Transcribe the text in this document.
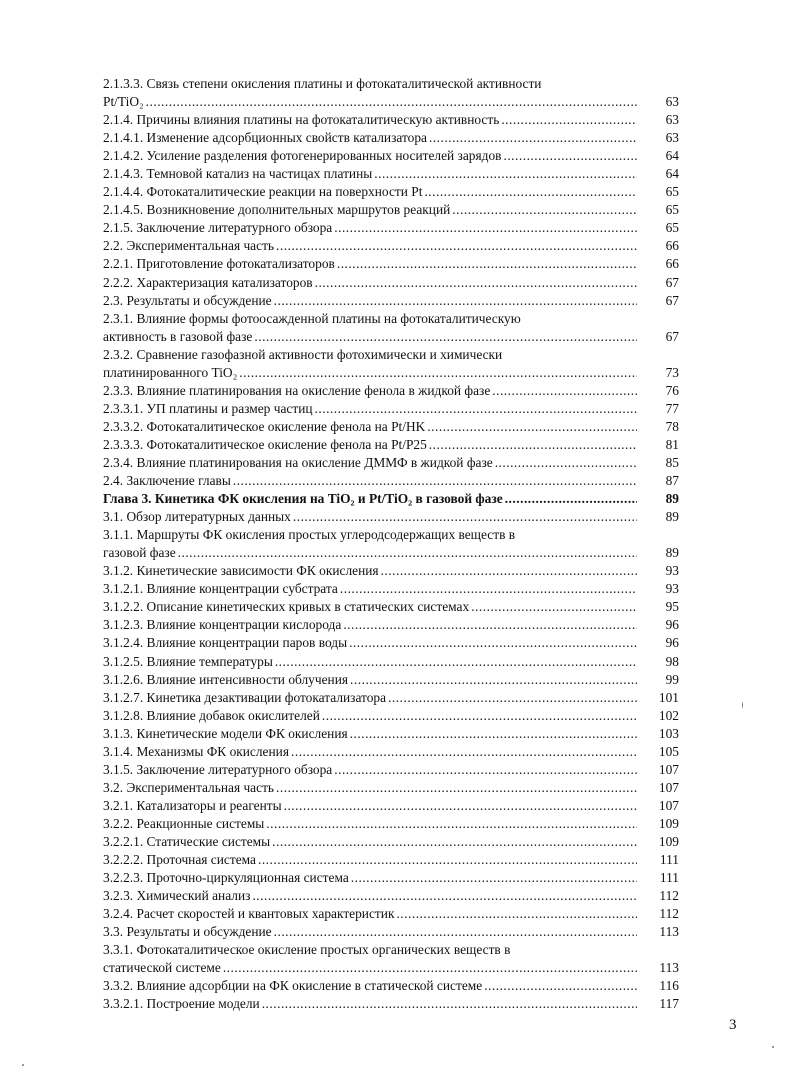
2.1.3.3. Связь степени окисления платины и фотокаталитической активности
Pt/TiO₂ .....	63
2.1.4. Причины влияния платины на фотокаталитическую активность .....	63
2.1.4.1. Изменение адсорбционных свойств катализатора .....	63
2.1.4.2. Усиление разделения фотогенерированных носителей зарядов .....	64
2.1.4.3. Темновой катализ на частицах платины .....	64
2.1.4.4. Фотокаталитические реакции на поверхности Pt .....	65
2.1.4.5. Возникновение дополнительных маршрутов реакций .....	65
2.1.5. Заключение литературного обзора .....	65
2.2. Экспериментальная часть .....	66
2.2.1. Приготовление фотокатализаторов .....	66
2.2.2. Характеризация катализаторов .....	67
2.3. Результаты и обсуждение .....	67
2.3.1. Влияние формы фотоосажденной платины на фотокаталитическую
активность в газовой фазе .....	67
2.3.2. Сравнение газофазной активности фотохимически и химически
платинированного TiO₂ .....	73
2.3.3. Влияние платинирования на окисление фенола в жидкой фазе .....	76
2.3.3.1. УП платины и размер частиц .....	77
2.3.3.2. Фотокаталитическое окисление фенола на Pt/HK .....	78
2.3.3.3. Фотокаталитическое окисление фенола на Pt/P25 .....	81
2.3.4. Влияние платинирования на окисление ДММФ в жидкой фазе .....	85
2.4. Заключение главы .....	87
Глава 3. Кинетика ФК окисления на TiO₂ и Pt/TiO₂ в газовой фазе .....	89
3.1. Обзор литературных данных .....	89
3.1.1. Маршруты ФК окисления простых углеродсодержащих веществ в
газовой фазе .....	89
3.1.2. Кинетические зависимости ФК окисления .....	93
3.1.2.1. Влияние концентрации субстрата .....	93
3.1.2.2. Описание кинетических кривых в статических системах .....	95
3.1.2.3. Влияние концентрации кислорода .....	96
3.1.2.4. Влияние концентрации паров воды .....	96
3.1.2.5. Влияние температуры .....	98
3.1.2.6. Влияние интенсивности облучения .....	99
3.1.2.7. Кинетика дезактивации фотокатализатора .....	101
3.1.2.8. Влияние добавок окислителей .....	102
3.1.3. Кинетические модели ФК окисления .....	103
3.1.4. Механизмы ФК окисления .....	105
3.1.5. Заключение литературного обзора .....	107
3.2. Экспериментальная часть .....	107
3.2.1. Катализаторы и реагенты .....	107
3.2.2. Реакционные системы .....	109
3.2.2.1. Статические системы .....	109
3.2.2.2. Проточная система .....	111
3.2.2.3. Проточно-циркуляционная система .....	111
3.2.3. Химический анализ .....	112
3.2.4. Расчет скоростей и квантовых характеристик .....	112
3.3. Результаты и обсуждение .....	113
3.3.1. Фотокаталитическое окисление простых органических веществ в
статической системе .....	113
3.3.2. Влияние адсорбции на ФК окисление в статической системе .....	116
3.3.2.1. Построение модели .....	117
3
